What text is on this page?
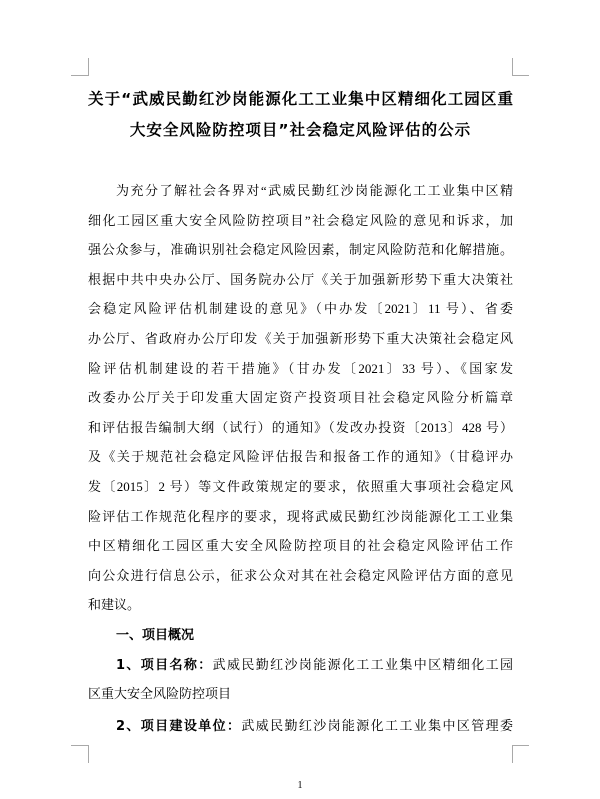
关于“武威民勤红沙岗能源化工工业集中区精细化工园区重
大安全风险防控项目”社会稳定风险评估的公示
为充分了解社会各界对“武威民勤红沙岗能源化工工业集中区精
细化工园区重大安全风险防控项目”社会稳定风险的意见和诉求，加
强公众参与，准确识别社会稳定风险因素，制定风险防范和化解措施。
根据中共中央办公厅、国务院办公厅《关于加强新形势下重大决策社
会稳定风险评估机制建设的意见》（中办发〔2021〕11 号）、省委
办公厅、省政府办公厅印发《关于加强新形势下重大决策社会稳定风
险评估机制建设的若干措施》（甘办发〔2021〕33 号）、《国家发
改委办公厅关于印发重大固定资产投资项目社会稳定风险分析篇章
和评估报告编制大纲（试行）的通知》（发改办投资〔2013〕428 号）
及《关于规范社会稳定风险评估报告和报备工作的通知》（甘稳评办
发〔2015〕2 号）等文件政策规定的要求，依照重大事项社会稳定风
险评估工作规范化程序的要求，现将武威民勤红沙岗能源化工工业集
中区精细化工园区重大安全风险防控项目的社会稳定风险评估工作
向公众进行信息公示，征求公众对其在社会稳定风险评估方面的意见
和建议。
一、项目概况
1、项目名称：武威民勤红沙岗能源化工工业集中区精细化工园
区重大安全风险防控项目
2、项目建设单位：武威民勤红沙岗能源化工工业集中区管理委
1
